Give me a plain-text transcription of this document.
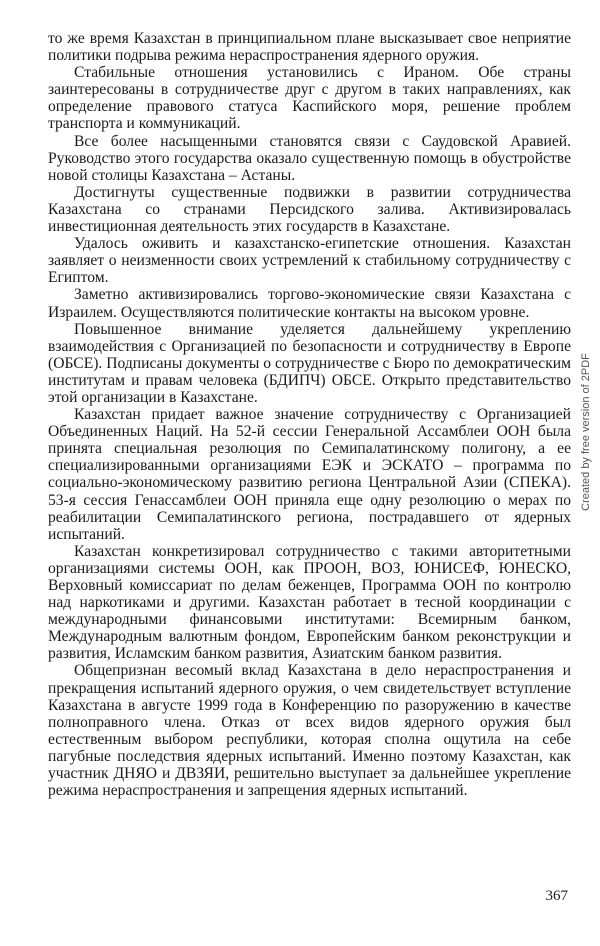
то же время Казахстан в принципиальном плане высказывает свое неприятие политики подрыва режима нераспространения ядерного оружия.

Стабильные отношения установились с Ираном. Обе страны заинтересованы в сотрудничестве друг с другом в таких направлениях, как определение правового статуса Каспийского моря, решение проблем транспорта и коммуникаций.

Все более насыщенными становятся связи с Саудовской Аравией. Руководство этого государства оказало существенную помощь в обустройстве новой столицы Казахстана – Астаны.

Достигнуты существенные подвижки в развитии сотрудничества Казахстана со странами Персидского залива. Активизировалась инвестиционная деятельность этих государств в Казахстане.

Удалось оживить и казахстанско-египетские отношения. Казахстан заявляет о неизменности своих устремлений к стабильному сотрудничеству с Египтом.

Заметно активизировались торгово-экономические связи Казахстана с Израилем. Осуществляются политические контакты на высоком уровне.

Повышенное внимание уделяется дальнейшему укреплению взаимодействия с Организацией по безопасности и сотрудничеству в Европе (ОБСЕ). Подписаны документы о сотрудничестве с Бюро по демократическим институтам и правам человека (БДИПЧ) ОБСЕ. Открыто представительство этой организации в Казахстане.

Казахстан придает важное значение сотрудничеству с Организацией Объединенных Наций. На 52-й сессии Генеральной Ассамблеи ООН была принята специальная резолюция по Семипалатинскому полигону, а ее специализированными организациями ЕЭК и ЭСКАТО – программа по социально-экономическому развитию региона Центральной Азии (СПЕКА). 53-я сессия Генассамблеи ООН приняла еще одну резолюцию о мерах по реабилитации Семипалатинского региона, пострадавшего от ядерных испытаний.

Казахстан конкретизировал сотрудничество с такими авторитетными организациями системы ООН, как ПРООН, ВОЗ, ЮНИСЕФ, ЮНЕСКО, Верховный комиссариат по делам беженцев, Программа ООН по контролю над наркотиками и другими. Казахстан работает в тесной координации с международными финансовыми институтами: Всемирным банком, Международным валютным фондом, Европейским банком реконструкции и развития, Исламским банком развития, Азиатским банком развития.

Общепризнан весомый вклад Казахстана в дело нераспространения и прекращения испытаний ядерного оружия, о чем свидетельствует вступление Казахстана в августе 1999 года в Конференцию по разоружению в качестве полноправного члена. Отказ от всех видов ядерного оружия был естественным выбором республики, которая сполна ощутила на себе пагубные последствия ядерных испытаний. Именно поэтому Казахстан, как участник ДНЯО и ДВЗЯИ, решительно выступает за дальнейшее укрепление режима нераспространения и запрещения ядерных испытаний.

367
Created by free version of 2PDF
